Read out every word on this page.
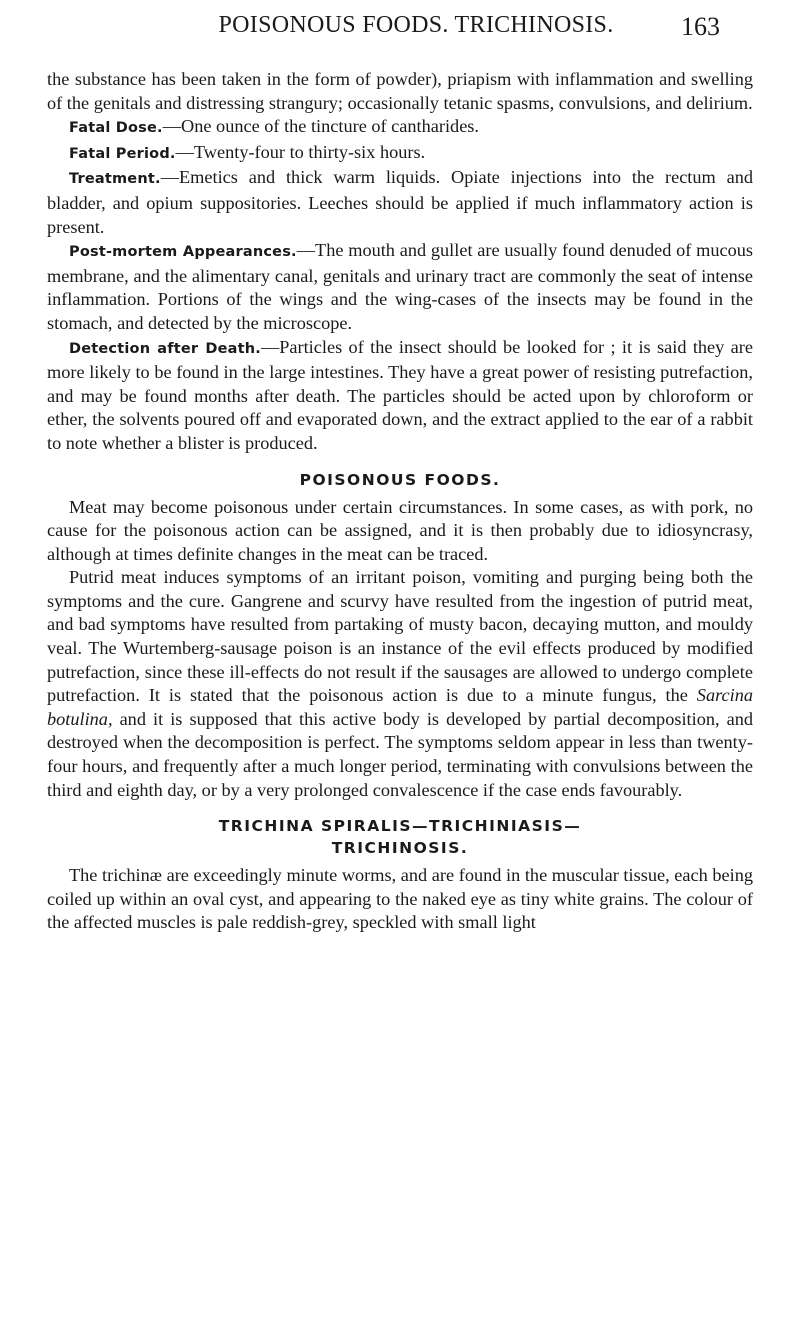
POISONOUS FOODS. TRICHINOSIS.	163

the substance has been taken in the form of powder), priapism with inflammation and swelling of the genitals and distressing strangury; occasionally tetanic spasms, convulsions, and delirium.

Fatal Dose.—One ounce of the tincture of cantharides.

Fatal Period.—Twenty-four to thirty-six hours.

Treatment.—Emetics and thick warm liquids. Opiate injections into the rectum and bladder, and opium suppositories. Leeches should be applied if much inflammatory action is present.

Post-mortem Appearances.—The mouth and gullet are usually found denuded of mucous membrane, and the alimentary canal, genitals and urinary tract are commonly the seat of intense inflammation. Portions of the wings and the wing-cases of the insects may be found in the stomach, and detected by the microscope.

Detection after Death.—Particles of the insect should be looked for ; it is said they are more likely to be found in the large intestines. They have a great power of resisting putrefaction, and may be found months after death. The particles should be acted upon by chloroform or ether, the solvents poured off and evaporated down, and the extract applied to the ear of a rabbit to note whether a blister is produced.

POISONOUS FOODS.

Meat may become poisonous under certain circumstances. In some cases, as with pork, no cause for the poisonous action can be assigned, and it is then probably due to idiosyncrasy, although at times definite changes in the meat can be traced.

Putrid meat induces symptoms of an irritant poison, vomiting and purging being both the symptoms and the cure. Gangrene and scurvy have resulted from the ingestion of putrid meat, and bad symptoms have resulted from partaking of musty bacon, decaying mutton, and mouldy veal. The Wurtemberg-sausage poison is an instance of the evil effects produced by modified putrefaction, since these ill-effects do not result if the sausages are allowed to undergo complete putrefaction. It is stated that the poisonous action is due to a minute fungus, the Sarcina botulina, and it is supposed that this active body is developed by partial decomposition, and destroyed when the decomposition is perfect. The symptoms seldom appear in less than twenty-four hours, and frequently after a much longer period, terminating with convulsions between the third and eighth day, or by a very prolonged convalescence if the case ends favourably.

TRICHINA SPIRALIS—TRICHINIASIS—
TRICHINOSIS.

The trichinæ are exceedingly minute worms, and are found in the muscular tissue, each being coiled up within an oval cyst, and appearing to the naked eye as tiny white grains. The colour of the affected muscles is pale reddish-grey, speckled with small light
